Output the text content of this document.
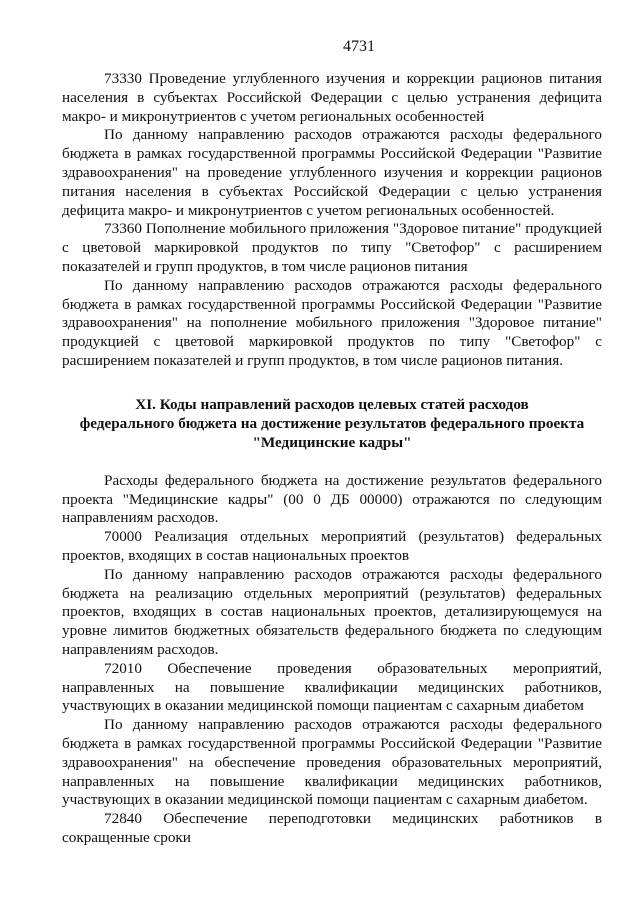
4731

73330 Проведение углубленного изучения и коррекции рационов питания населения в субъектах Российской Федерации с целью устранения дефицита макро- и микронутриентов с учетом региональных особенностей

По данному направлению расходов отражаются расходы федерального бюджета в рамках государственной программы Российской Федерации "Развитие здравоохранения" на проведение углубленного изучения и коррекции рационов питания населения в субъектах Российской Федерации с целью устранения дефицита макро- и микронутриентов с учетом региональных особенностей.

73360 Пополнение мобильного приложения "Здоровое питание" продукцией с цветовой маркировкой продуктов по типу "Светофор" с расширением показателей и групп продуктов, в том числе рационов питания

По данному направлению расходов отражаются расходы федерального бюджета в рамках государственной программы Российской Федерации "Развитие здравоохранения" на пополнение мобильного приложения "Здоровое питание" продукцией с цветовой маркировкой продуктов по типу "Светофор" с расширением показателей и групп продуктов, в том числе рационов питания.

XI. Коды направлений расходов целевых статей расходов
федерального бюджета на достижение результатов федерального проекта
"Медицинские кадры"

Расходы федерального бюджета на достижение результатов федерального проекта "Медицинские кадры" (00 0 ДБ 00000) отражаются по следующим направлениям расходов.

70000 Реализация отдельных мероприятий (результатов) федеральных проектов, входящих в состав национальных проектов

По данному направлению расходов отражаются расходы федерального бюджета на реализацию отдельных мероприятий (результатов) федеральных проектов, входящих в состав национальных проектов, детализирующемуся на уровне лимитов бюджетных обязательств федерального бюджета по следующим направлениям расходов.

72010 Обеспечение проведения образовательных мероприятий, направленных на повышение квалификации медицинских работников, участвующих в оказании медицинской помощи пациентам с сахарным диабетом

По данному направлению расходов отражаются расходы федерального бюджета в рамках государственной программы Российской Федерации "Развитие здравоохранения" на обеспечение проведения образовательных мероприятий, направленных на повышение квалификации медицинских работников, участвующих в оказании медицинской помощи пациентам с сахарным диабетом.

72840 Обеспечение переподготовки медицинских работников в сокращенные сроки
